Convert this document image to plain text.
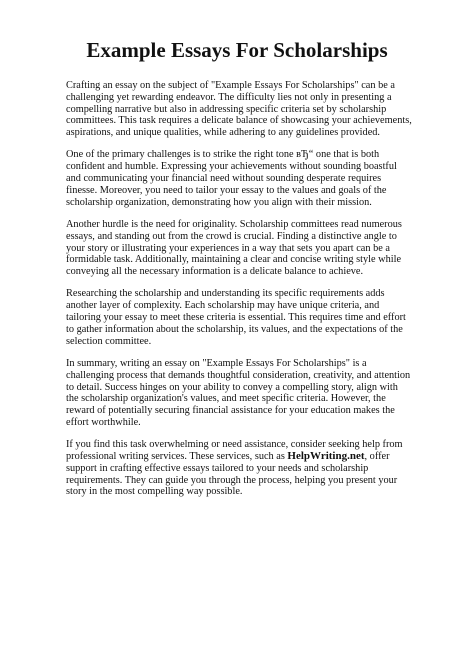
Example Essays For Scholarships

Crafting an essay on the subject of "Example Essays For Scholarships" can be a challenging yet rewarding endeavor. The difficulty lies not only in presenting a compelling narrative but also in addressing specific criteria set by scholarship committees. This task requires a delicate balance of showcasing your achievements, aspirations, and unique qualities, while adhering to any guidelines provided.

One of the primary challenges is to strike the right tone вЂ“ one that is both confident and humble. Expressing your achievements without sounding boastful and communicating your financial need without sounding desperate requires finesse. Moreover, you need to tailor your essay to the values and goals of the scholarship organization, demonstrating how you align with their mission.

Another hurdle is the need for originality. Scholarship committees read numerous essays, and standing out from the crowd is crucial. Finding a distinctive angle to your story or illustrating your experiences in a way that sets you apart can be a formidable task. Additionally, maintaining a clear and concise writing style while conveying all the necessary information is a delicate balance to achieve.

Researching the scholarship and understanding its specific requirements adds another layer of complexity. Each scholarship may have unique criteria, and tailoring your essay to meet these criteria is essential. This requires time and effort to gather information about the scholarship, its values, and the expectations of the selection committee.

In summary, writing an essay on "Example Essays For Scholarships" is a challenging process that demands thoughtful consideration, creativity, and attention to detail. Success hinges on your ability to convey a compelling story, align with the scholarship organization's values, and meet specific criteria. However, the reward of potentially securing financial assistance for your education makes the effort worthwhile.

If you find this task overwhelming or need assistance, consider seeking help from professional writing services. These services, such as HelpWriting.net, offer support in crafting effective essays tailored to your needs and scholarship requirements. They can guide you through the process, helping you present your story in the most compelling way possible.
